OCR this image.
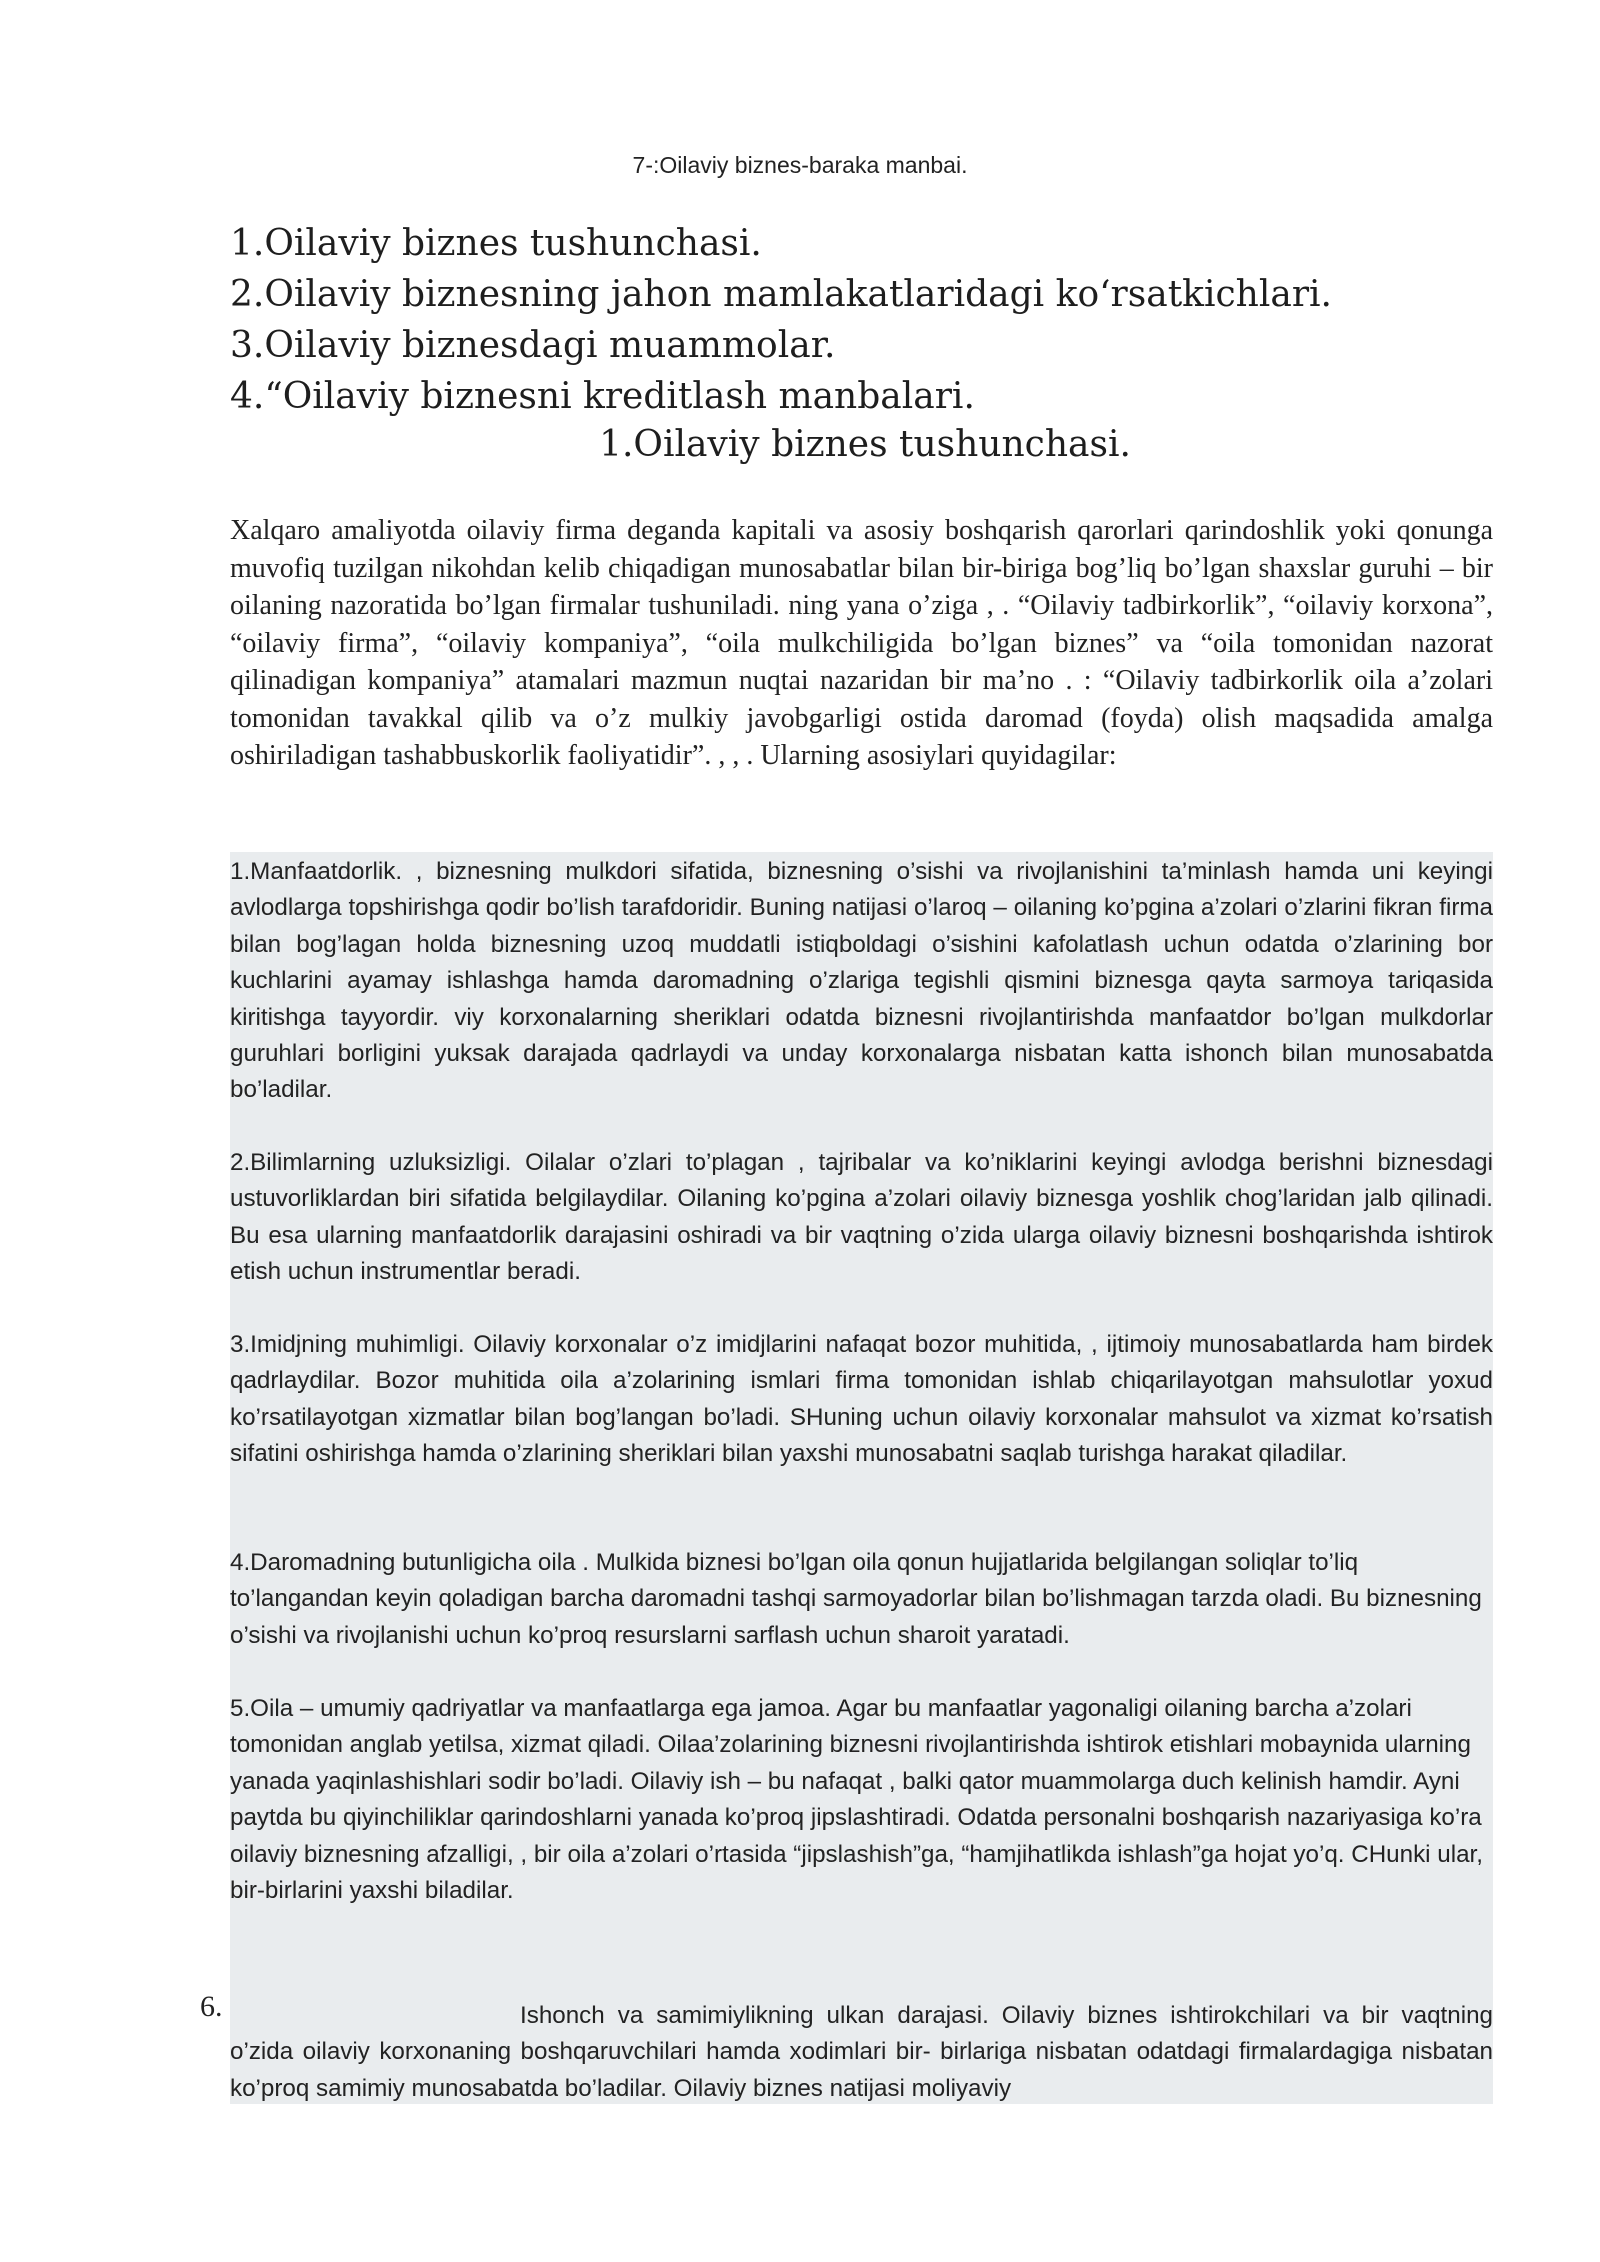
7-:Oilaviy biznes-baraka manbai.
1.Oilaviy biznes tushunchasi.
2.Oilaviy biznesning jahon mamlakatlaridagi koʻrsatkichlari.
3.Oilaviy biznesdagi muammolar.
4.“Oilaviy biznesni kreditlash manbalari.
1.Oilaviy biznes tushunchasi.
Xalqaro amaliyotda oilaviy firma deganda kapitali va asosiy boshqarish qarorlari qarindoshlik yoki qonunga muvofiq tuzilgan nikohdan kelib chiqadigan munosabatlar bilan bir-biriga bog’liq bo’lgan shaxslar guruhi – bir oilaning nazoratida bo’lgan firmalar tushuniladi. ning yana o’ziga , . “Oilaviy tadbirkorlik”, “oilaviy korxona”, “oilaviy firma”, “oilaviy kompaniya”, “oila mulkchiligida bo’lgan biznes” va “oila tomonidan nazorat qilinadigan kompaniya” atamalari mazmun nuqtai nazaridan bir ma’no . : “Oilaviy tadbirkorlik oila a’zolari tomonidan tavakkal qilib va o’z mulkiy javobgarligi ostida daromad (foyda) olish maqsadida amalga oshiriladigan tashabbuskorlik faoliyatidir”. , , . Ularning asosiylari quyidagilar:
1.Manfaatdorlik. , biznesning mulkdori sifatida, biznesning o’sishi va rivojlanishini ta’minlash hamda uni keyingi avlodlarga topshirishga qodir bo’lish tarafdoridir. Buning natijasi o’laroq – oilaning ko’pgina a’zolari o’zlarini fikran firma bilan bog’lagan holda biznesning uzoq muddatli istiqboldagi o’sishini kafolatlash uchun odatda o’zlarining bor kuchlarini ayamay ishlashga hamda daromadning o’zlariga tegishli qismini biznesga qayta sarmoya tariqasida kiritishga tayyordir. viy korxonalarning sheriklari odatda biznesni rivojlantirishda manfaatdor bo’lgan mulkdorlar guruhlari borligini yuksak darajada qadrlaydi va unday korxonalarga nisbatan katta ishonch bilan munosabatda bo’ladilar.
2.Bilimlarning uzluksizligi. Oilalar o’zlari to’plagan , tajribalar va ko’niklarini keyingi avlodga berishni biznesdagi ustuvorliklardan biri sifatida belgilaydilar. Oilaning ko’pgina a’zolari oilaviy biznesga yoshlik chog’laridan jalb qilinadi. Bu esa ularning manfaatdorlik darajasini oshiradi va bir vaqtning o’zida ularga oilaviy biznesni boshqarishda ishtirok etish uchun instrumentlar beradi.
3.Imidjning muhimligi. Oilaviy korxonalar o’z imidjlarini nafaqat bozor muhitida, , ijtimoiy munosabatlarda ham birdek qadrlaydilar. Bozor muhitida oila a’zolarining ismlari firma tomonidan ishlab chiqarilayotgan mahsulotlar yoxud ko’rsatilayotgan xizmatlar bilan bog’langan bo’ladi. SHuning uchun oilaviy korxonalar mahsulot va xizmat ko’rsatish sifatini oshirishga hamda o’zlarining sheriklari bilan yaxshi munosabatni saqlab turishga harakat qiladilar.
4.Daromadning butunligicha oila . Mulkida biznesi bo’lgan oila qonun hujjatlarida belgilangan soliqlar to’liq to’langandan keyin qoladigan barcha daromadni tashqi sarmoyadorlar bilan bo’lishmagan tarzda oladi. Bu biznesning o’sishi va rivojlanishi uchun ko’proq resurslarni sarflash uchun sharoit yaratadi.
5.Oila – umumiy qadriyatlar va manfaatlarga ega jamoa. Agar bu manfaatlar yagonaligi oilaning barcha a’zolari tomonidan anglab yetilsa, xizmat qiladi. Oilaa’zolarining biznesni rivojlantirishda ishtirok etishlari mobaynida ularning yanada yaqinlashishlari sodir bo’ladi. Oilaviy ish – bu nafaqat , balki qator muammolarga duch kelinish hamdir. Ayni paytda bu qiyinchiliklar qarindoshlarni yanada ko’proq jipslashtiradi. Odatda personalni boshqarish nazariyasiga ko’ra oilaviy biznesning afzalligi, , bir oila a’zolari o’rtasida “jipslashish”ga, “hamjihatlikda ishlash”ga hojat yo’q. CHunki ular, bir-birlarini yaxshi biladilar.
6.	Ishonch va samimiylikning ulkan darajasi. Oilaviy biznes ishtirokchilari va bir vaqtning o’zida oilaviy korxonaning boshqaruvchilari hamda xodimlari bir- birlariga nisbatan odatdagi firmalardagiga nisbatan ko’proq samimiy munosabatda bo’ladilar. Oilaviy biznes natijasi moliyaviy
